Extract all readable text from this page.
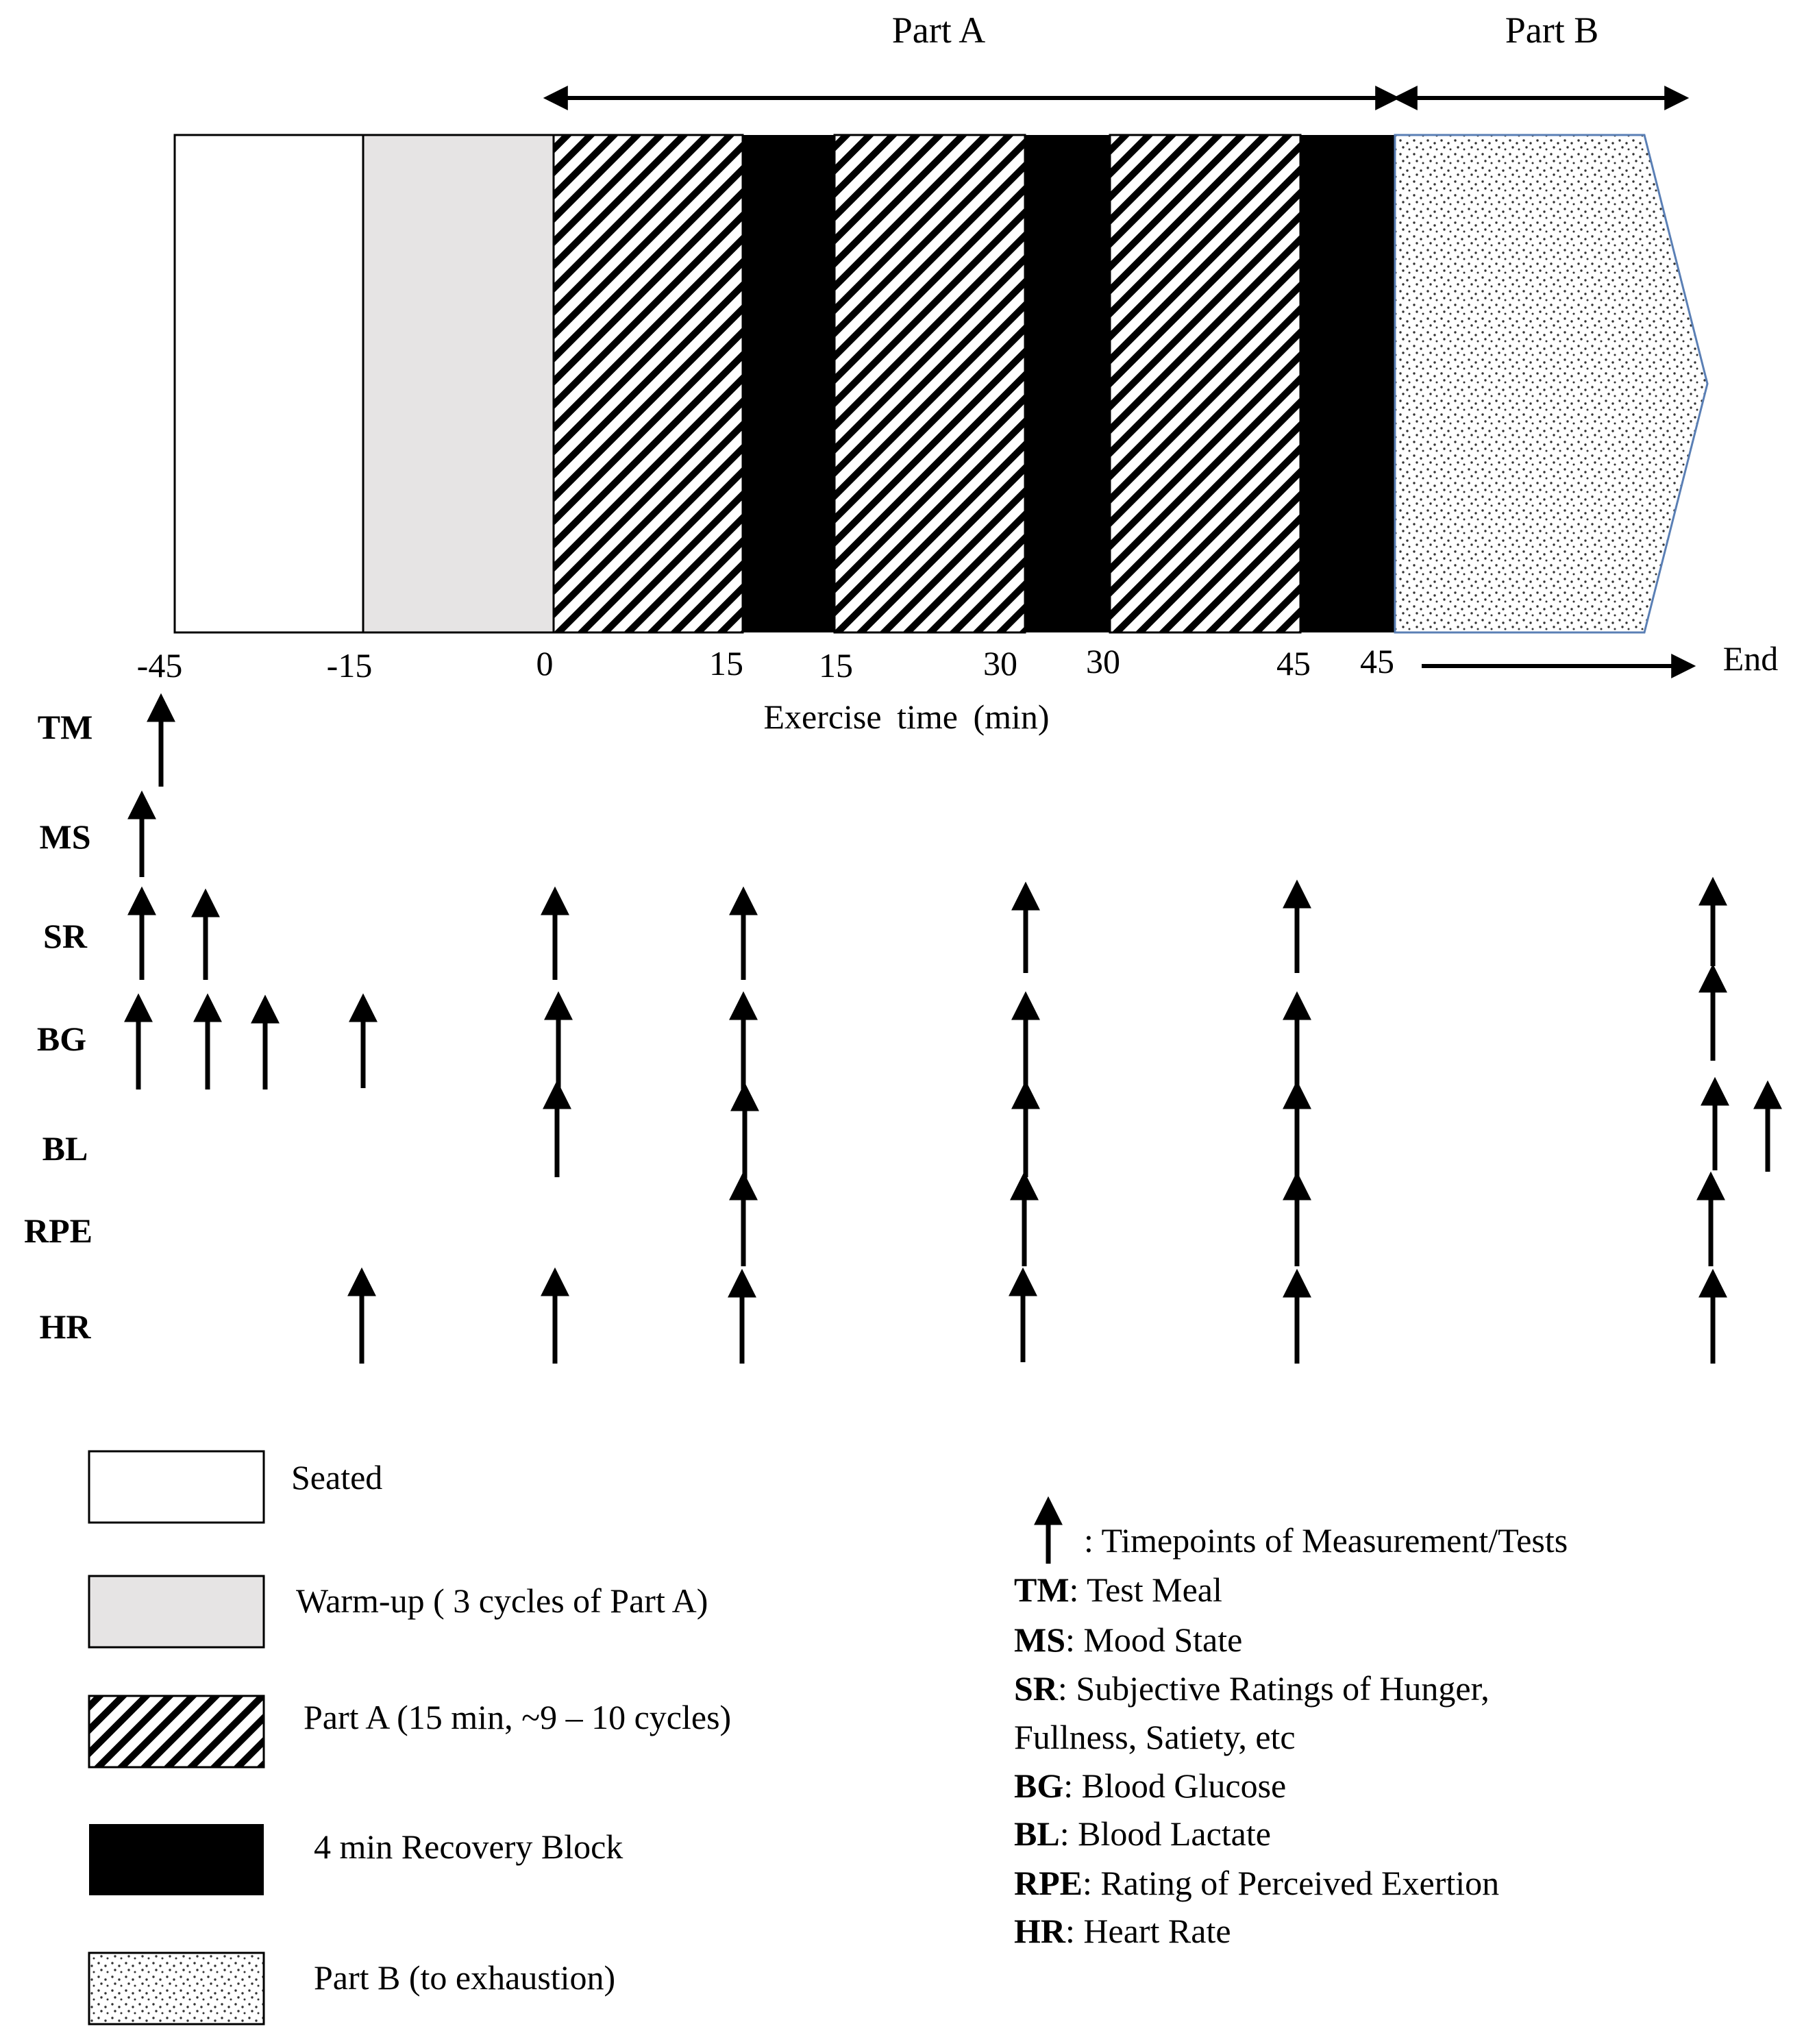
Part A	Part B
-45	-15	0	15 15	30 30	45 45	End
Exercise time (min)
TM
MS
SR
BG
BL
RPE
HR
Seated
Warm-up ( 3 cycles of Part A)
Part A (15 min, ~9 – 10 cycles)
4 min Recovery Block
Part B (to exhaustion)
: Timepoints of Measurement/Tests
TM: Test Meal
MS: Mood State
SR: Subjective Ratings of Hunger,
Fullness, Satiety, etc
BG: Blood Glucose
BL: Blood Lactate
RPE: Rating of Perceived Exertion
HR: Heart Rate
